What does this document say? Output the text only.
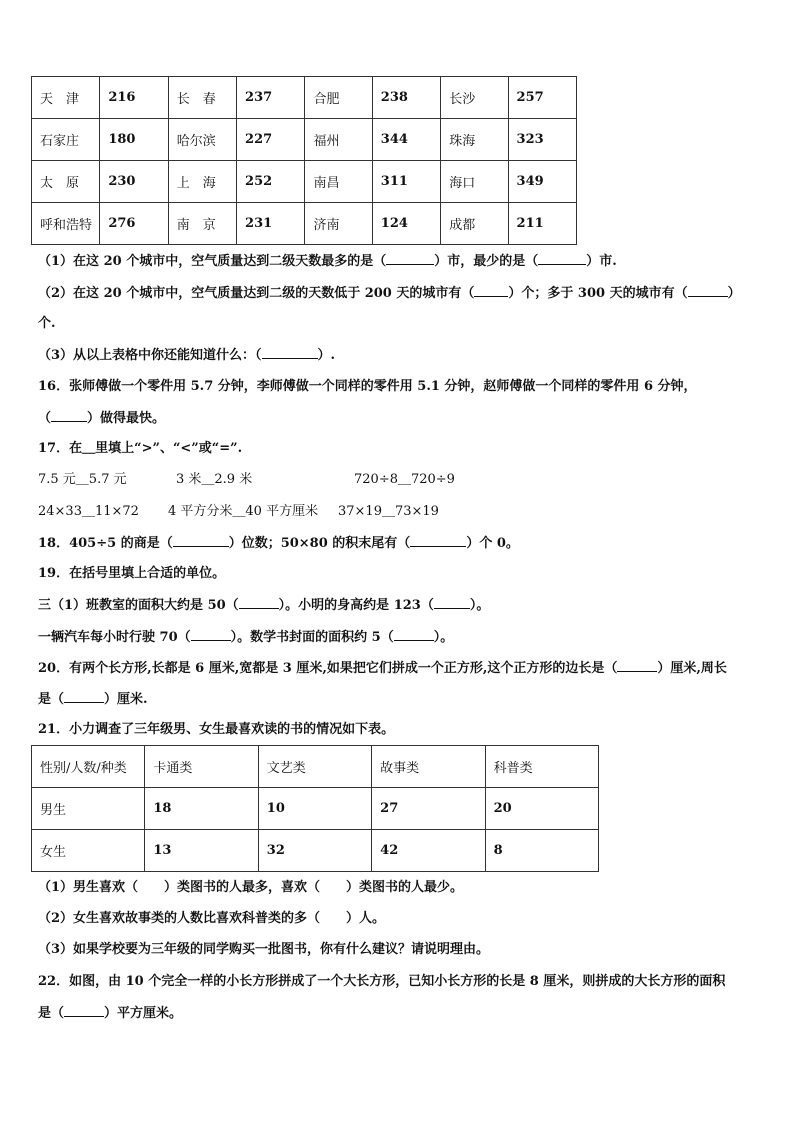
天　津	216	长　春	237	合肥	238	长沙	257
石家庄	180	哈尔滨	227	福州	344	珠海	323
太　原	230	上　海	252	南昌	311	海口	349
呼和浩特	276	南　京	231	济南	124	成都	211
（1）在这 20 个城市中，空气质量达到二级天数最多的是（	）市，最少的是（	）市.
（2）在这 20 个城市中，空气质量达到二级的天数低于 200 天的城市有（	）个；多于 300 天的城市有（	）
个.
（3）从以上表格中你还能知道什么：（	）.
16．张师傅做一个零件用 5.7 分钟，李师傅做一个同样的零件用 5.1 分钟，赵师傅做一个同样的零件用 6 分钟，
（	）做得最快。
17．在＿里填上“>”、“<”或“=”.
7.5 元＿5.7 元	3 米＿2.9 米	720÷8＿720÷9
24×33＿11×72 4 平方分米＿40 平方厘米 37×19＿73×19
18．405÷5 的商是（	）位数；50×80 的积末尾有（	）个 0。
19．在括号里填上合适的单位。
三（1）班教室的面积大约是 50（	）。小明的身高约是 123（	）。
一辆汽车每小时行驶 70（	）。数学书封面的面积约 5（	）。
20．有两个长方形,长都是 6 厘米,宽都是 3 厘米,如果把它们拼成一个正方形,这个正方形的边长是（	）厘米,周长
是（	）厘米.
21．小力调查了三年级男、女生最喜欢读的书的情况如下表。
性别/人数/种类	卡通类	文艺类	故事类	科普类
男生	18	10	27	20
女生	13	32	42	8
（1）男生喜欢（　　）类图书的人最多，喜欢（　　）类图书的人最少。
（2）女生喜欢故事类的人数比喜欢科普类的多（　　）人。
（3）如果学校要为三年级的同学购买一批图书，你有什么建议？请说明理由。
22．如图，由 10 个完全一样的小长方形拼成了一个大长方形，已知小长方形的长是 8 厘米，则拼成的大长方形的面积
是（	）平方厘米。
